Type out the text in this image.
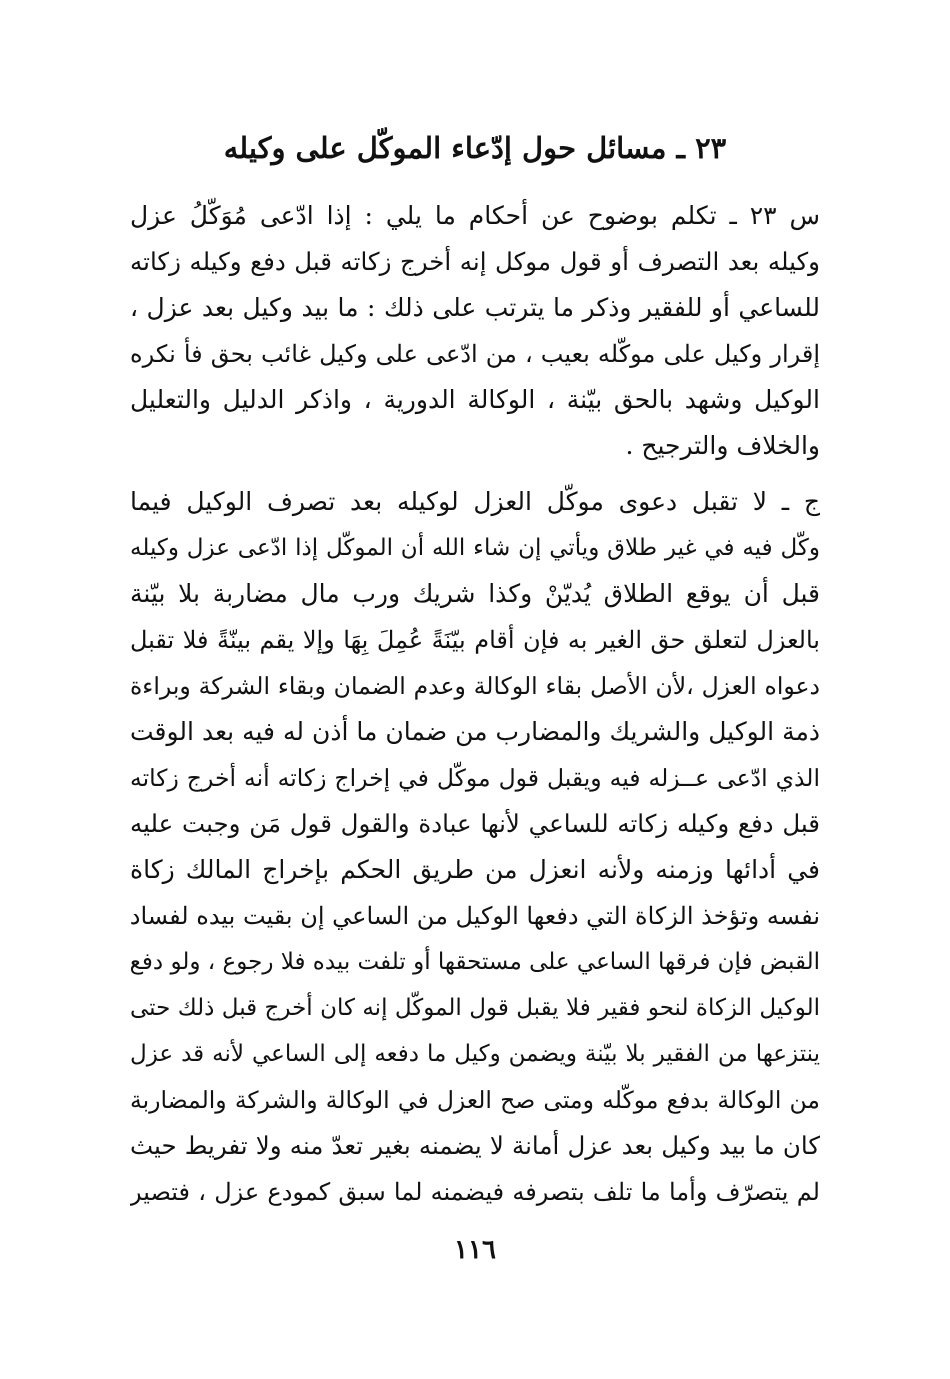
٢٣ ـ مسائل حول إدّعاء الموكّل على وكيله
س ٢٣ ـ تكلم بوضوح عن أحكام ما يلي : إذا ادّعى مُوَكّلُ عزل
وكيله بعد التصرف أو قول موكل إنه أخرج زكاته قبل دفع وكيله زكاته
للساعي أو للفقير وذكر ما يترتب على ذلك : ما بيد وكيل بعد عزل ،
إقرار وكيل على موكّله بعيب ، من ادّعى على وكيل غائب بحق فأ نكره
الوكيل وشهد بالحق بيّنة ، الوكالة الدورية ، واذكر الدليل والتعليل
والخلاف والترجيح .
ج ـ لا تقبل دعوى موكّل العزل لوكيله بعد تصرف الوكيل فيما
وكّل فيه في غير طلاق ويأتي إن شاء الله أن الموكّل إذا ادّعى عزل وكيله
قبل أن يوقع الطلاق يُديّنْ وكذا شريك ورب مال مضاربة بلا بيّنة
بالعزل لتعلق حق الغير به فإن أقام بيّنَةً عُمِلَ بِهَا وإلا يقم بينّةً فلا تقبل
دعواه العزل ،لأن الأصل بقاء الوكالة وعدم الضمان وبقاء الشركة وبراءة
ذمة الوكيل والشريك والمضارب من ضمان ما أذن له فيه بعد الوقت
الذي ادّعى عــزله فيه ويقبل قول موكّل في إخراج زكاته أنه أخرج زكاته
قبل دفع وكيله زكاته للساعي لأنها عبادة والقول قول مَن وجبت عليه
في أدائها وزمنه ولأنه انعزل من طريق الحكم بإخراج المالك زكاة
نفسه وتؤخذ الزكاة التي دفعها الوكيل من الساعي إن بقيت بيده لفساد
القبض فإن فرقها الساعي على مستحقها أو تلفت بيده فلا رجوع ، ولو دفع
الوكيل الزكاة لنحو فقير فلا يقبل قول الموكّل إنه كان أخرج قبل ذلك حتى
ينتزعها من الفقير بلا بيّنة ويضمن وكيل ما دفعه إلى الساعي لأنه قد عزل
من الوكالة بدفع موكّله ومتى صح العزل في الوكالة والشركة والمضاربة
كان ما بيد وكيل بعد عزل أمانة لا يضمنه بغير تعدّ منه ولا تفريط حيث
لم يتصرّف وأما ما تلف بتصرفه فيضمنه لما سبق كمودع عزل ، فتصير
١١٦
